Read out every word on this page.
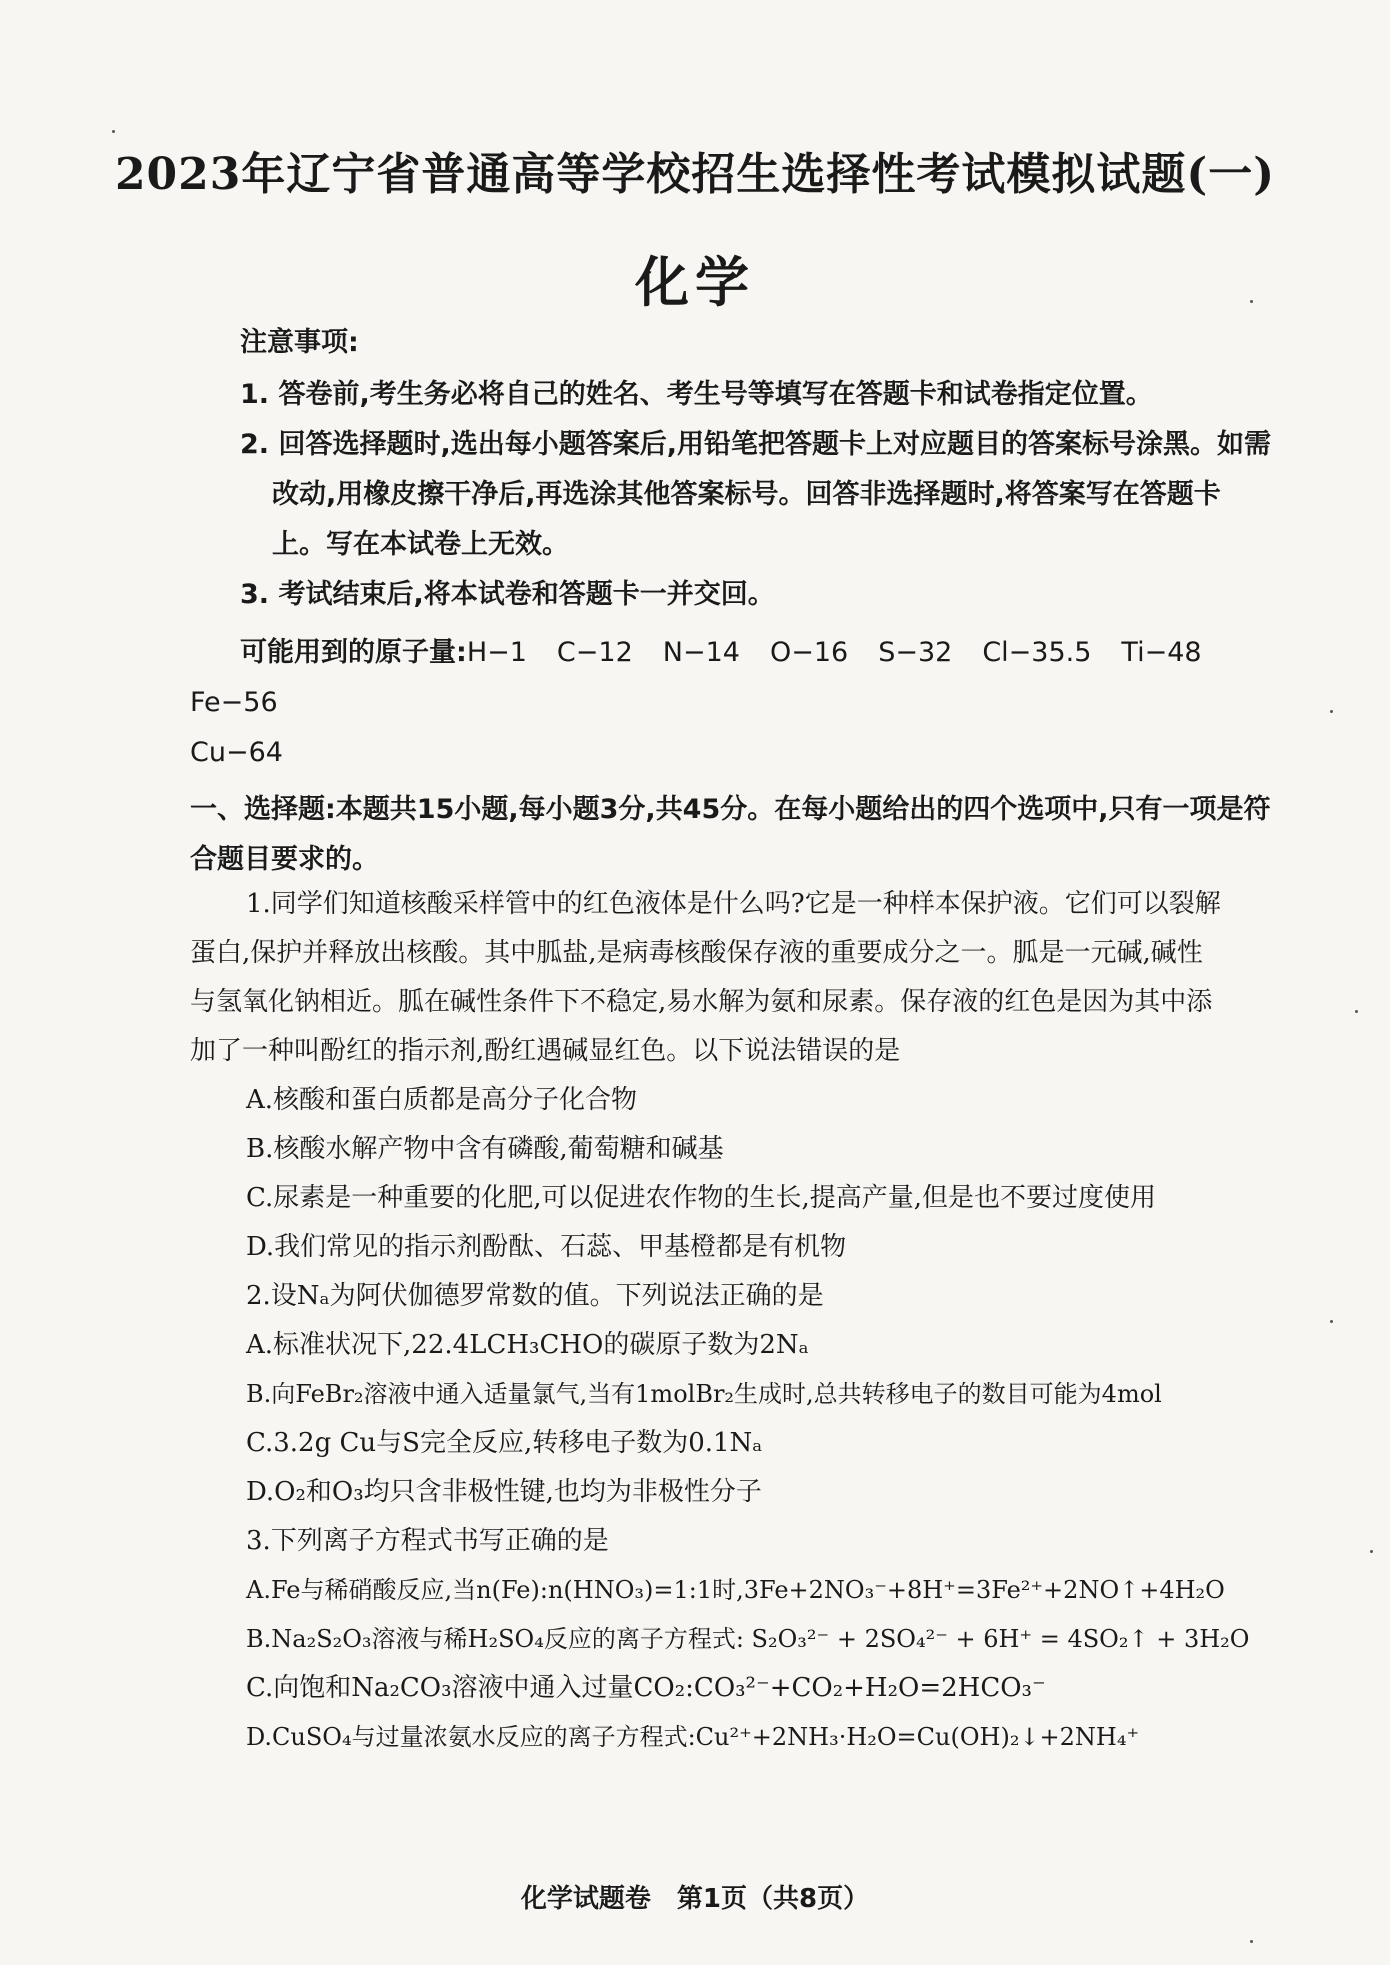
2023年辽宁省普通高等学校招生选择性考试模拟试题(一)
化学
注意事项:
1. 答卷前,考生务必将自己的姓名、考生号等填写在答题卡和试卷指定位置。
2. 回答选择题时,选出每小题答案后,用铅笔把答题卡上对应题目的答案标号涂黑。如需
改动,用橡皮擦干净后,再选涂其他答案标号。回答非选择题时,将答案写在答题卡
上。写在本试卷上无效。
3. 考试结束后,将本试卷和答题卡一并交回。
可能用到的原子量:H−1 C−12 N−14 O−16 S−32 Cl−35.5 Ti−48Fe−56
Cu−64
一、选择题:本题共15小题,每小题3分,共45分。在每小题给出的四个选项中,只有一项是符
合题目要求的。
1.同学们知道核酸采样管中的红色液体是什么吗?它是一种样本保护液。它们可以裂解
蛋白,保护并释放出核酸。其中胍盐,是病毒核酸保存液的重要成分之一。胍是一元碱,碱性
与氢氧化钠相近。胍在碱性条件下不稳定,易水解为氨和尿素。保存液的红色是因为其中添
加了一种叫酚红的指示剂,酚红遇碱显红色。以下说法错误的是
A.核酸和蛋白质都是高分子化合物
B.核酸水解产物中含有磷酸,葡萄糖和碱基
C.尿素是一种重要的化肥,可以促进农作物的生长,提高产量,但是也不要过度使用
D.我们常见的指示剂酚酞、石蕊、甲基橙都是有机物
2.设Nₐ为阿伏伽德罗常数的值。下列说法正确的是
A.标准状况下,22.4LCH₃CHO的碳原子数为2Nₐ
B.向FeBr₂溶液中通入适量氯气,当有1molBr₂生成时,总共转移电子的数目可能为4mol
C.3.2g Cu与S完全反应,转移电子数为0.1Nₐ
D.O₂和O₃均只含非极性键,也均为非极性分子
3.下列离子方程式书写正确的是
A.Fe与稀硝酸反应,当n(Fe):n(HNO₃)=1:1时,3Fe+2NO₃⁻+8H⁺=3Fe²⁺+2NO↑+4H₂O
B.Na₂S₂O₃溶液与稀H₂SO₄反应的离子方程式: S₂O₃²⁻ + 2SO₄²⁻ + 6H⁺ = 4SO₂↑ + 3H₂O
C.向饱和Na₂CO₃溶液中通入过量CO₂:CO₃²⁻+CO₂+H₂O=2HCO₃⁻
D.CuSO₄与过量浓氨水反应的离子方程式:Cu²⁺+2NH₃·H₂O=Cu(OH)₂↓+2NH₄⁺
化学试题卷　第1页（共8页）
